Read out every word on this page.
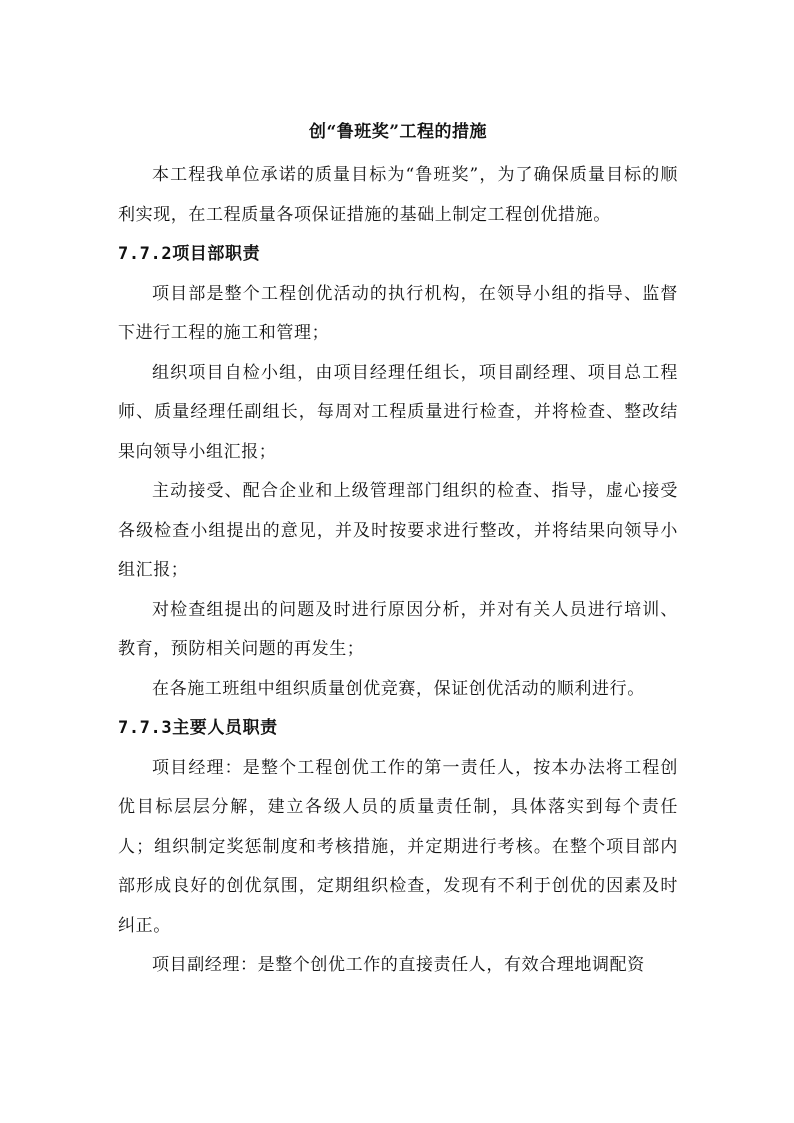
创“鲁班奖”工程的措施

本工程我单位承诺的质量目标为“鲁班奖”，为了确保质量目标的顺利实现，在工程质量各项保证措施的基础上制定工程创优措施。

7.7.2项目部职责

项目部是整个工程创优活动的执行机构，在领导小组的指导、监督下进行工程的施工和管理；

组织项目自检小组，由项目经理任组长，项目副经理、项目总工程师、质量经理任副组长，每周对工程质量进行检查，并将检查、整改结果向领导小组汇报；

主动接受、配合企业和上级管理部门组织的检查、指导，虚心接受各级检查小组提出的意见，并及时按要求进行整改，并将结果向领导小组汇报；

对检查组提出的问题及时进行原因分析，并对有关人员进行培训、教育，预防相关问题的再发生；

在各施工班组中组织质量创优竞赛，保证创优活动的顺利进行。

7.7.3主要人员职责

项目经理：是整个工程创优工作的第一责任人，按本办法将工程创优目标层层分解，建立各级人员的质量责任制，具体落实到每个责任人；组织制定奖惩制度和考核措施，并定期进行考核。在整个项目部内部形成良好的创优氛围，定期组织检查，发现有不利于创优的因素及时纠正。

项目副经理：是整个创优工作的直接责任人，有效合理地调配资
